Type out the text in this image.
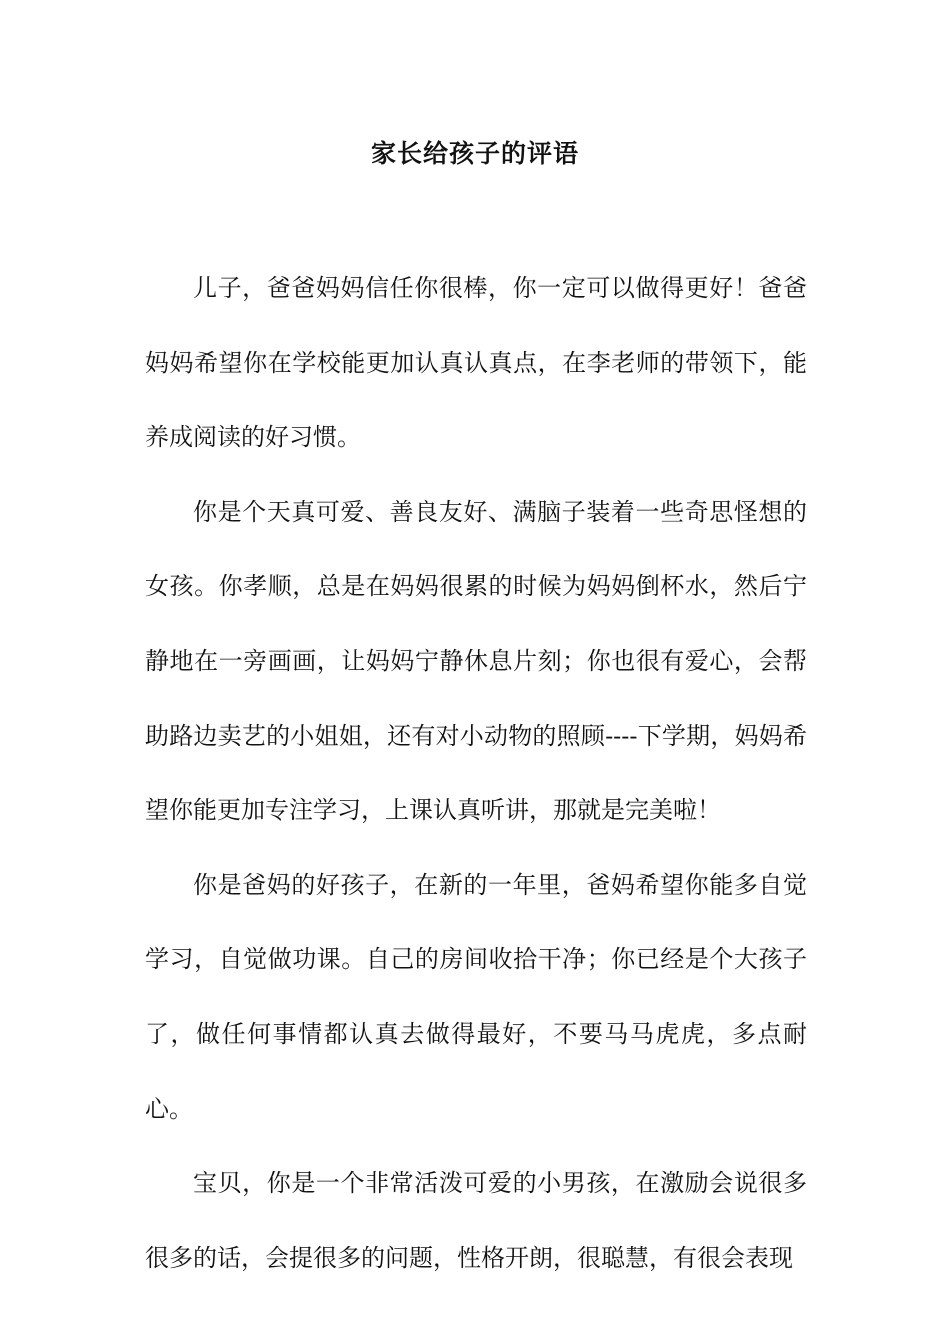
家长给孩子的评语

儿子，爸爸妈妈信任你很棒，你一定可以做得更好！爸爸妈妈希望你在学校能更加认真认真点，在李老师的带领下，能养成阅读的好习惯。

你是个天真可爱、善良友好、满脑子装着一些奇思怪想的女孩。你孝顺，总是在妈妈很累的时候为妈妈倒杯水，然后宁静地在一旁画画，让妈妈宁静休息片刻；你也很有爱心，会帮助路边卖艺的小姐姐，还有对小动物的照顾----下学期，妈妈希望你能更加专注学习，上课认真听讲，那就是完美啦！

你是爸妈的好孩子，在新的一年里，爸妈希望你能多自觉学习，自觉做功课。自己的房间收拾干净；你已经是个大孩子了，做任何事情都认真去做得最好，不要马马虎虎，多点耐心。

宝贝，你是一个非常活泼可爱的小男孩，在激励会说很多很多的话，会提很多的问题，性格开朗，很聪慧，有很会表现
